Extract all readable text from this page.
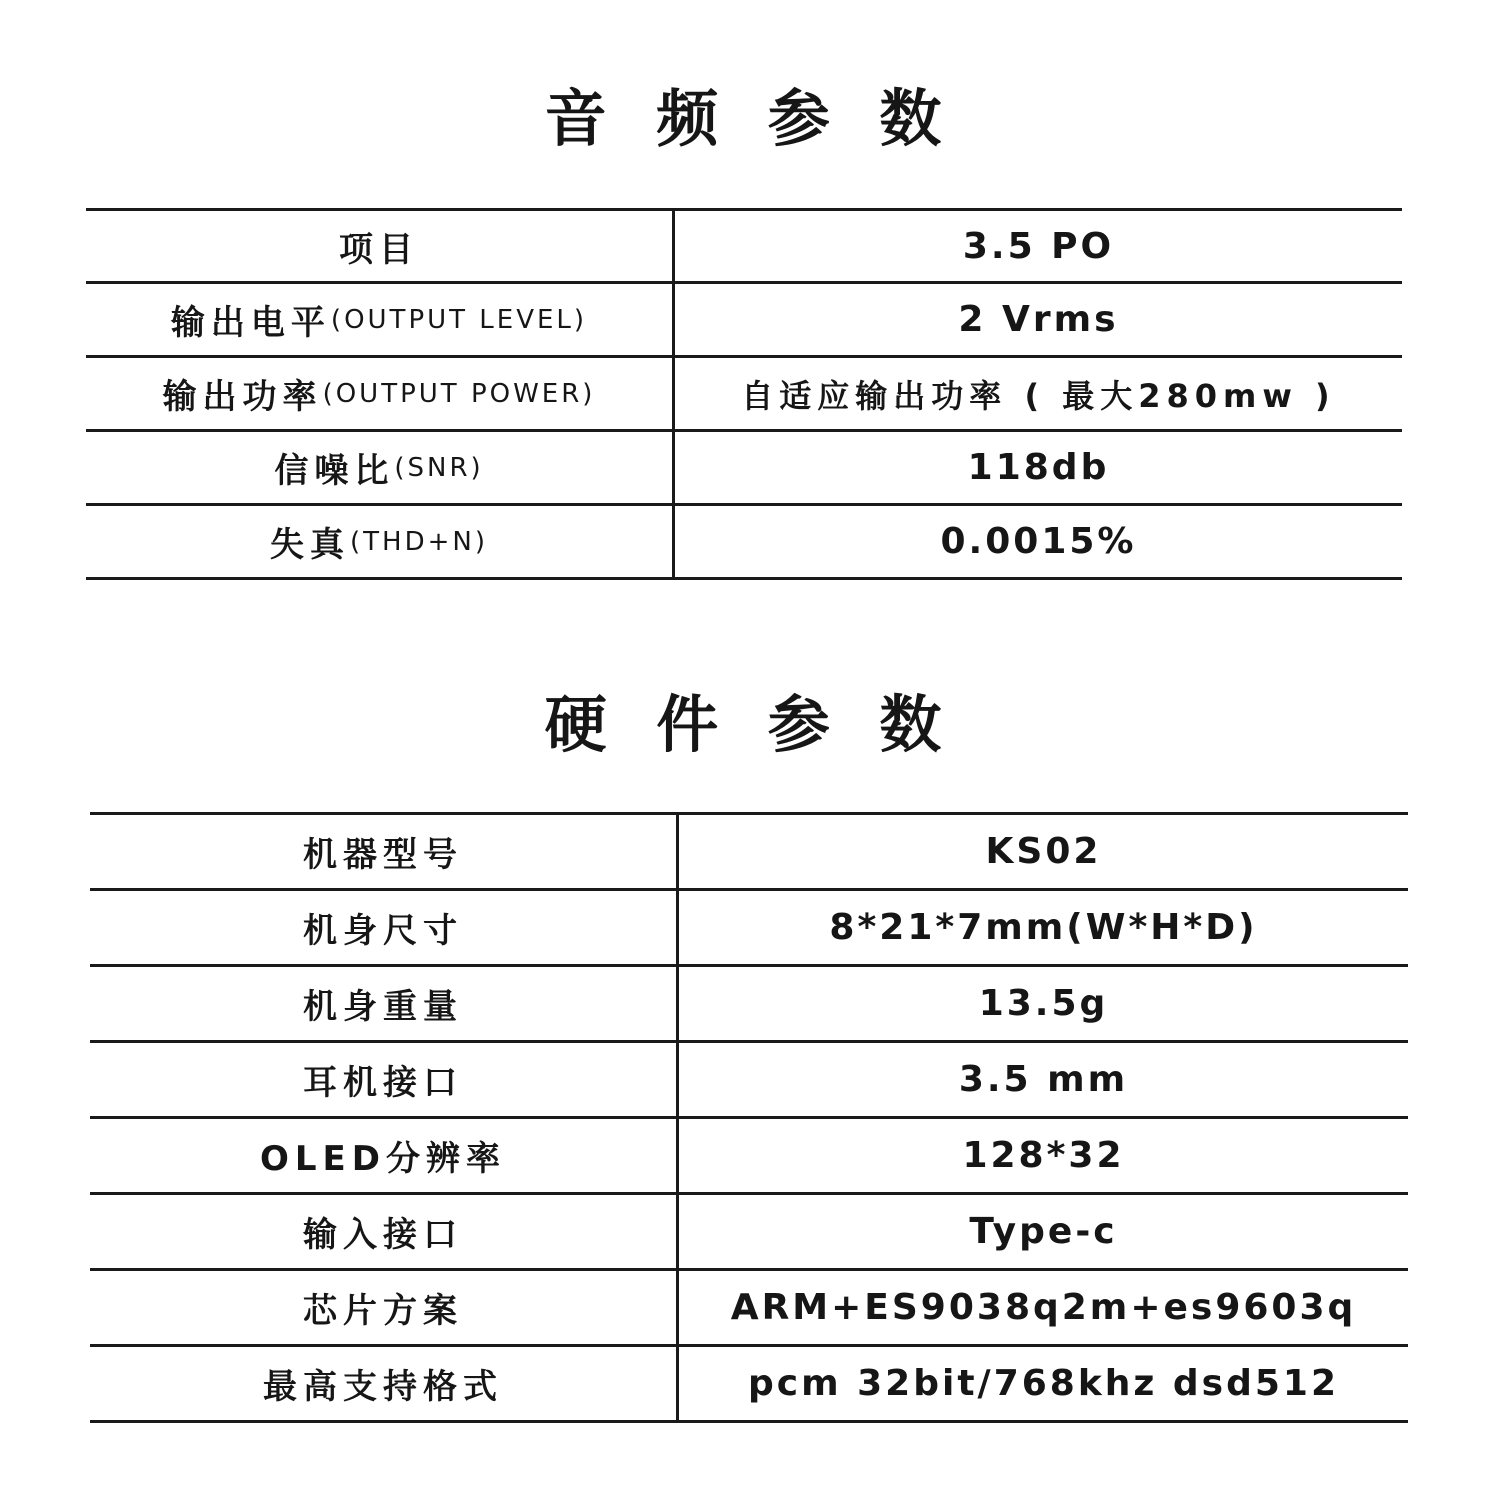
音 频 参 数
项目	3.5 PO
输出电平 (OUTPUT LEVEL)	2 Vrms
输出功率 (OUTPUT POWER)	自适应输出功率 ( 最大280mw )
信噪比 (SNR)	118db
失真 (THD+N)	0.0015%
硬 件 参 数
机器型号	KS02
机身尺寸	8*21*7mm(W*H*D)
机身重量	13.5g
耳机接口	3.5 mm
OLED分辨率	128*32
输入接口	Type-c
芯片方案	ARM+ES9038q2m+es9603q
最高支持格式	pcm 32bit/768khz dsd512
